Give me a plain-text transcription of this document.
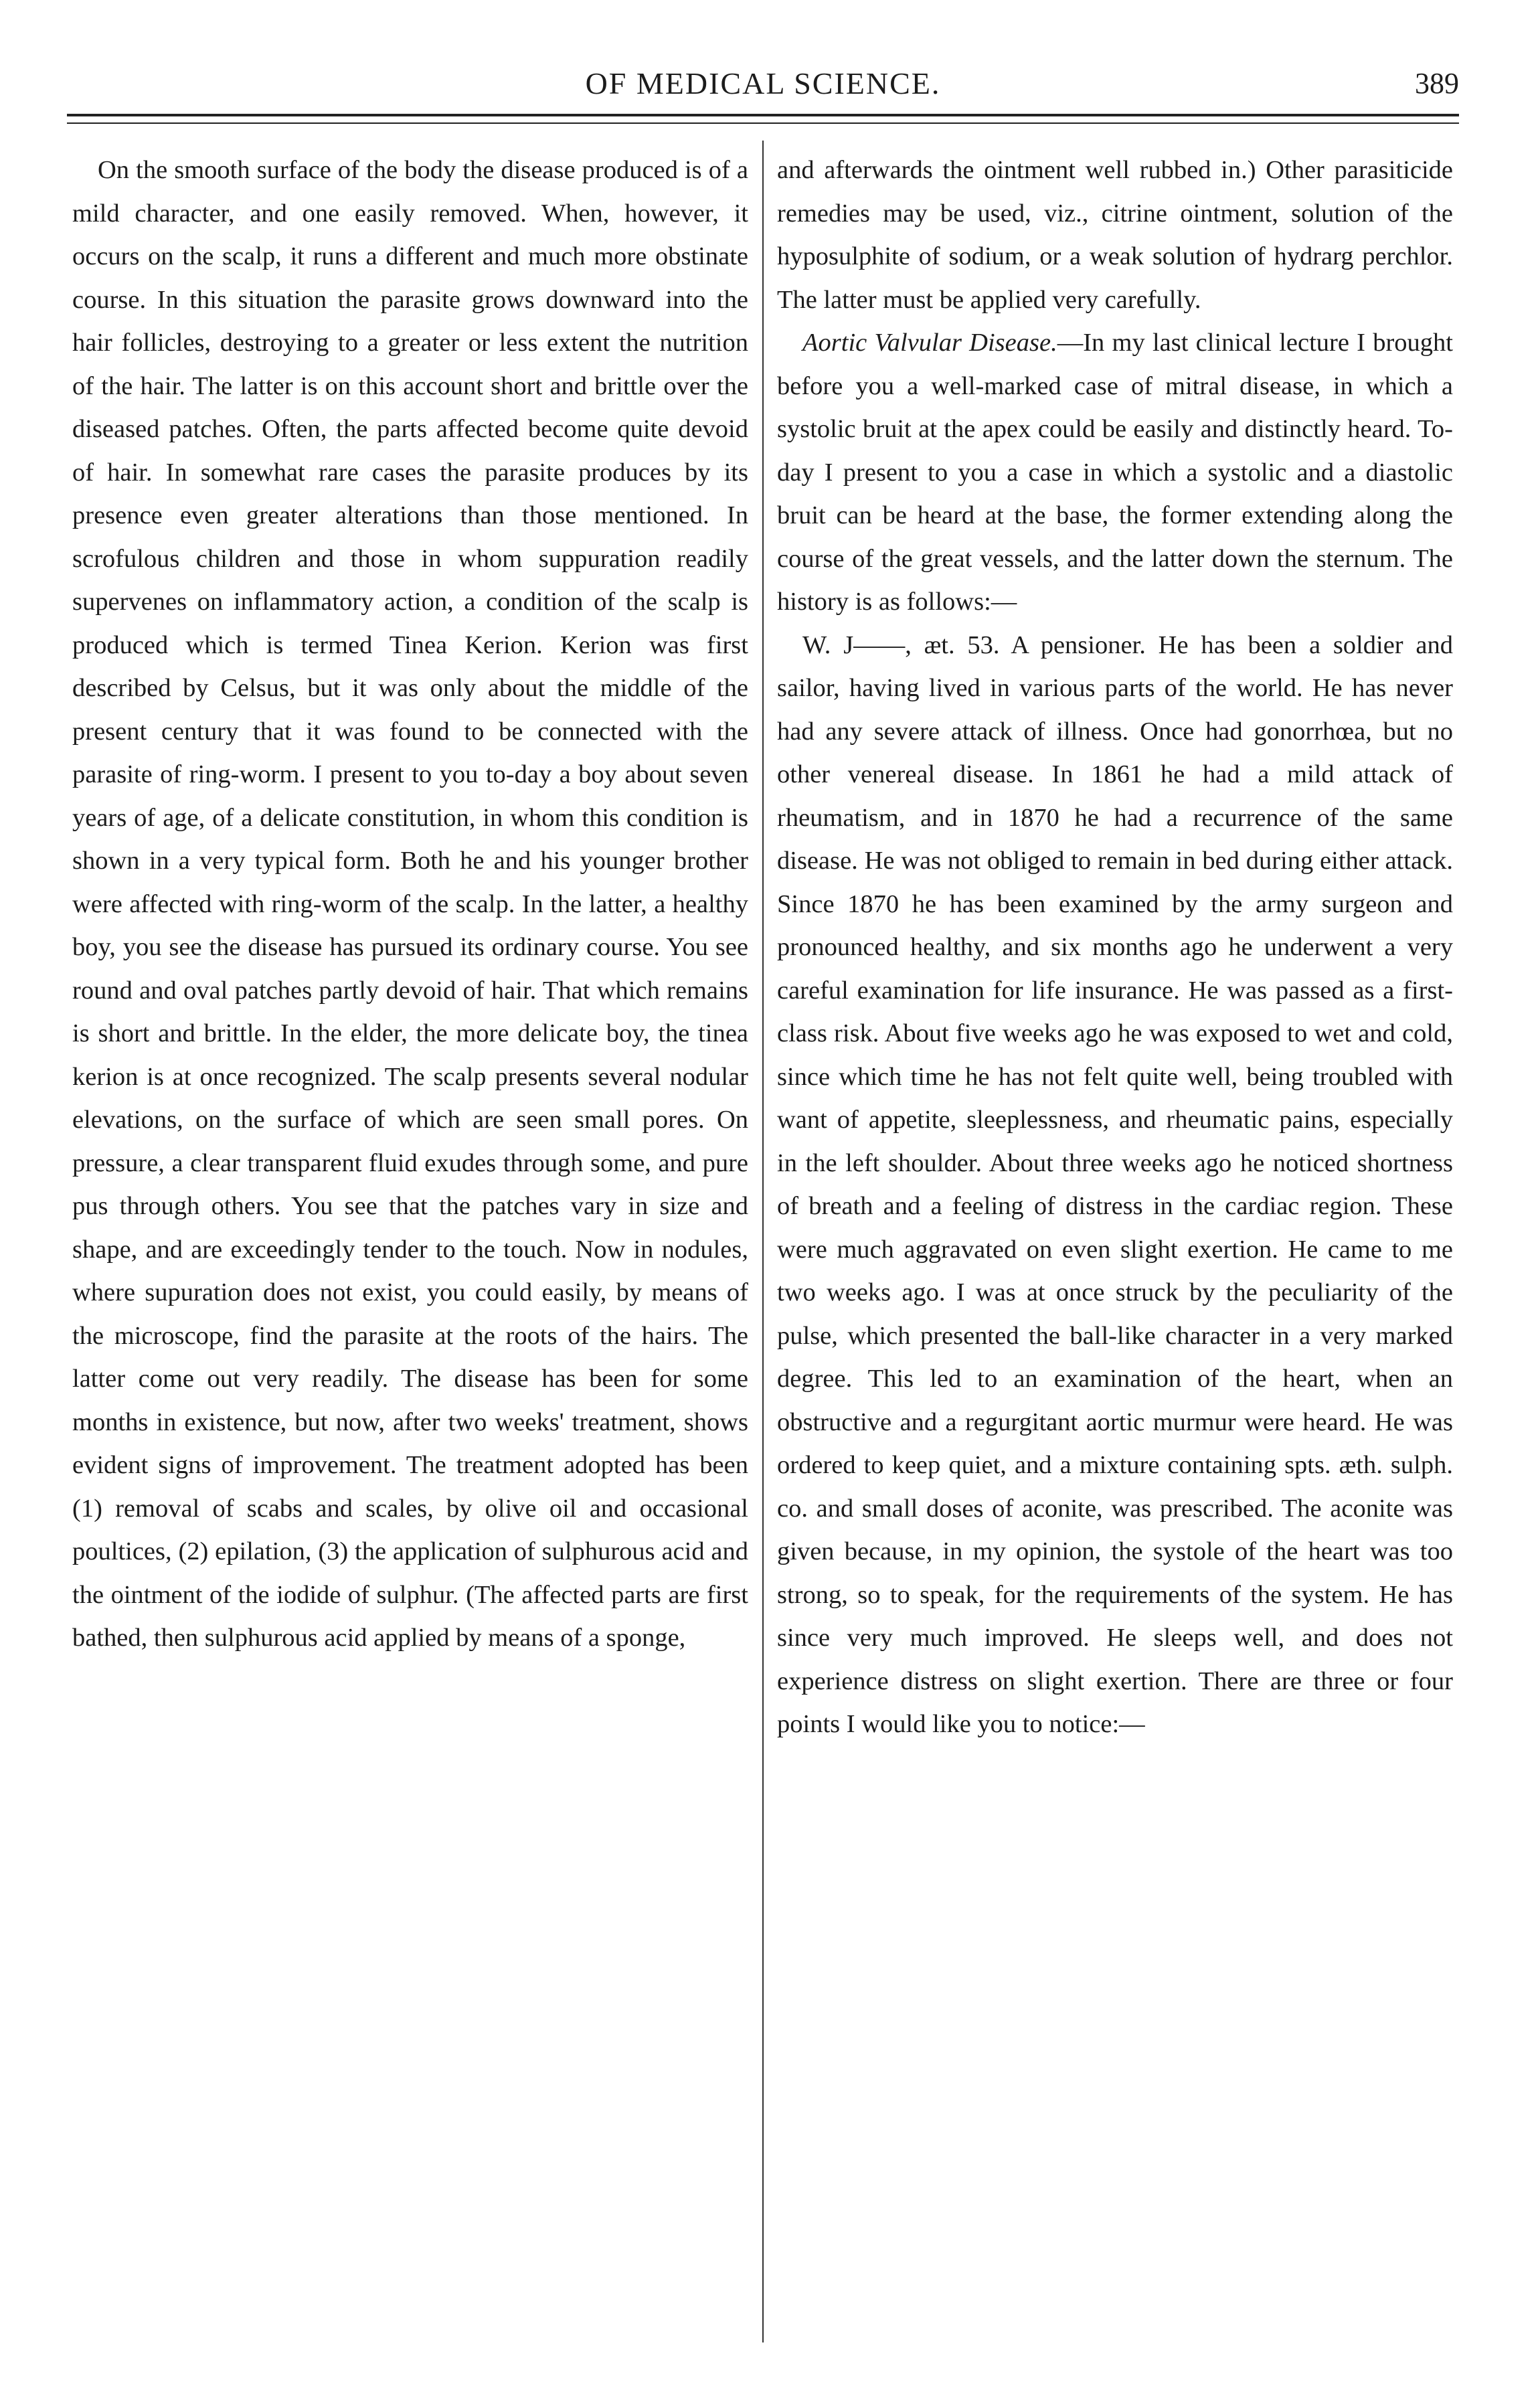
OF MEDICAL SCIENCE.	389

On the smooth surface of the body the disease produced is of a mild character, and one easily removed. When, however, it occurs on the scalp, it runs a different and much more obstinate course. In this situation the parasite grows downward into the hair follicles, destroying to a greater or less extent the nutrition of the hair. The latter is on this account short and brittle over the diseased patches. Often, the parts affected become quite devoid of hair. In somewhat rare cases the parasite produces by its presence even greater alterations than those mentioned. In scrofulous children and those in whom suppuration readily supervenes on inflammatory action, a condition of the scalp is produced which is termed Tinea Kerion. Kerion was first described by Celsus, but it was only about the middle of the present century that it was found to be connected with the parasite of ring-worm. I present to you to-day a boy about seven years of age, of a delicate constitution, in whom this condition is shown in a very typical form. Both he and his younger brother were affected with ring-worm of the scalp. In the latter, a healthy boy, you see the disease has pursued its ordinary course. You see round and oval patches partly devoid of hair. That which remains is short and brittle. In the elder, the more delicate boy, the tinea kerion is at once recognized. The scalp presents several nodular elevations, on the surface of which are seen small pores. On pressure, a clear transparent fluid exudes through some, and pure pus through others. You see that the patches vary in size and shape, and are exceedingly tender to the touch. Now in nodules, where supuration does not exist, you could easily, by means of the microscope, find the parasite at the roots of the hairs. The latter come out very readily. The disease has been for some months in existence, but now, after two weeks' treatment, shows evident signs of improvement. The treatment adopted has been (1) removal of scabs and scales, by olive oil and occasional poultices, (2) epilation, (3) the application of sulphurous acid and the ointment of the iodide of sulphur. (The affected parts are first bathed, then sulphurous acid applied by means of a sponge,

and afterwards the ointment well rubbed in.) Other parasiticide remedies may be used, viz., citrine ointment, solution of the hyposulphite of sodium, or a weak solution of hydrarg perchlor. The latter must be applied very carefully.

Aortic Valvular Disease.—In my last clinical lecture I brought before you a well-marked case of mitral disease, in which a systolic bruit at the apex could be easily and distinctly heard. To-day I present to you a case in which a systolic and a diastolic bruit can be heard at the base, the former extending along the course of the great vessels, and the latter down the sternum. The history is as follows:—

W. J——, æt. 53. A pensioner. He has been a soldier and sailor, having lived in various parts of the world. He has never had any severe attack of illness. Once had gonorrhœa, but no other venereal disease. In 1861 he had a mild attack of rheumatism, and in 1870 he had a recurrence of the same disease. He was not obliged to remain in bed during either attack. Since 1870 he has been examined by the army surgeon and pronounced healthy, and six months ago he underwent a very careful examination for life insurance. He was passed as a first-class risk. About five weeks ago he was exposed to wet and cold, since which time he has not felt quite well, being troubled with want of appetite, sleeplessness, and rheumatic pains, especially in the left shoulder. About three weeks ago he noticed shortness of breath and a feeling of distress in the cardiac region. These were much aggravated on even slight exertion. He came to me two weeks ago. I was at once struck by the peculiarity of the pulse, which presented the ball-like character in a very marked degree. This led to an examination of the heart, when an obstructive and a regurgitant aortic murmur were heard. He was ordered to keep quiet, and a mixture containing spts. æth. sulph. co. and small doses of aconite, was prescribed. The aconite was given because, in my opinion, the systole of the heart was too strong, so to speak, for the requirements of the system. He has since very much improved. He sleeps well, and does not experience distress on slight exertion. There are three or four points I would like you to notice:—
